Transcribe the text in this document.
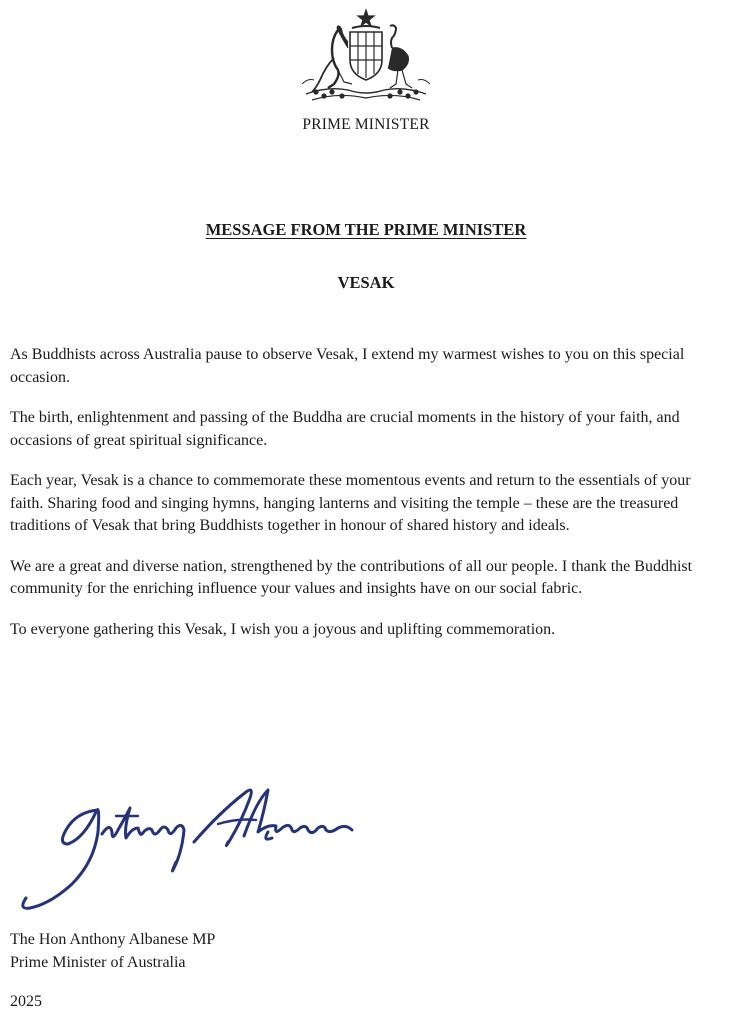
PRIME MINISTER
MESSAGE FROM THE PRIME MINISTER
VESAK

As Buddhists across Australia pause to observe Vesak, I extend my warmest wishes to you on this special occasion.

The birth, enlightenment and passing of the Buddha are crucial moments in the history of your faith, and occasions of great spiritual significance.

Each year, Vesak is a chance to commemorate these momentous events and return to the essentials of your faith. Sharing food and singing hymns, hanging lanterns and visiting the temple – these are the treasured traditions of Vesak that bring Buddhists together in honour of shared history and ideals.

We are a great and diverse nation, strengthened by the contributions of all our people. I thank the Buddhist community for the enriching influence your values and insights have on our social fabric.

To everyone gathering this Vesak, I wish you a joyous and uplifting commemoration.

The Hon Anthony Albanese MP
Prime Minister of Australia
2025
